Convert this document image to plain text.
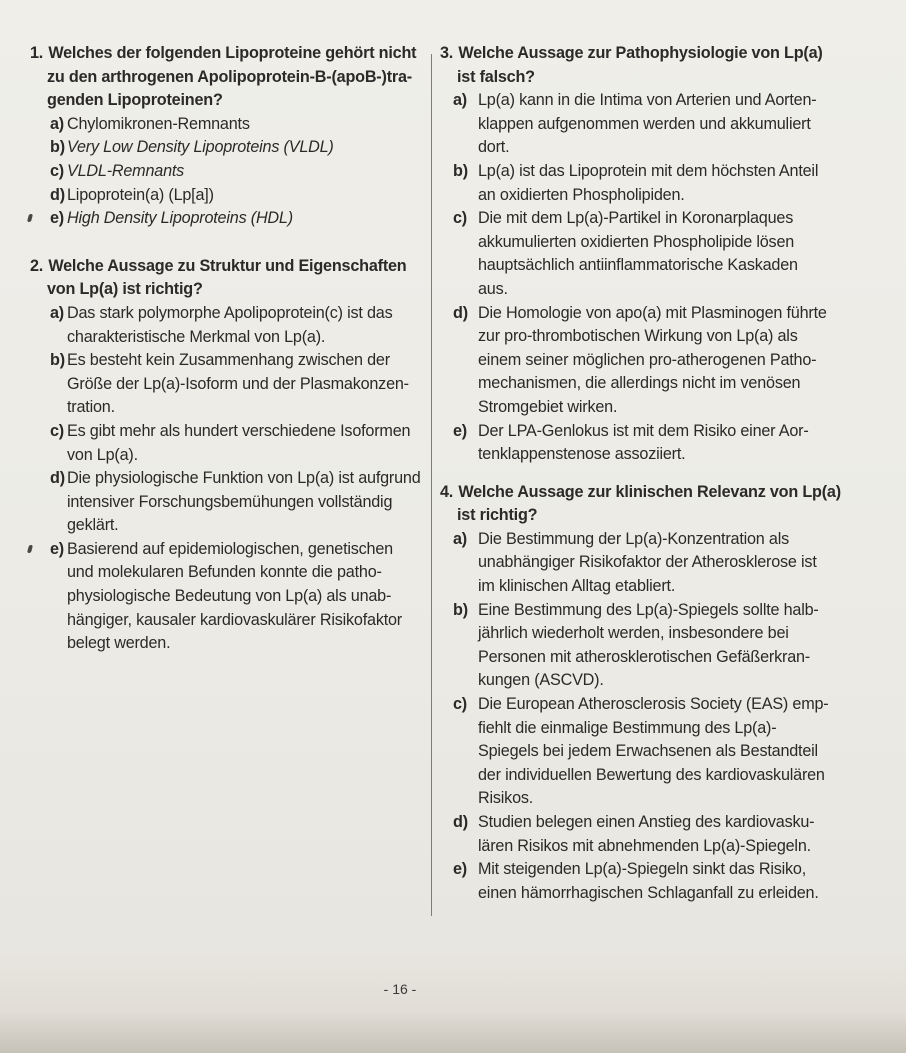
1. Welches der folgenden Lipoproteine gehört nicht

zu den arthrogenen Apolipoprotein-B-(apoB-)tra-

genden Lipoproteinen?

a) Chylomikronen-Remnants

b) Very Low Density Lipoproteins (VLDL)

c) VLDL-Remnants

d) Lipoprotein(a) (Lp[a])

e) High Density Lipoproteins (HDL)

2. Welche Aussage zu Struktur und Eigenschaften

von Lp(a) ist richtig?

a) Das stark polymorphe Apolipoprotein(c) ist das
charakteristische Merkmal von Lp(a).
b) Es besteht kein Zusammenhang zwischen der
Größe der Lp(a)-Isoform und der Plasmakonzen-
tration.
c) Es gibt mehr als hundert verschiedene Isoformen
von Lp(a).
d) Die physiologische Funktion von Lp(a) ist aufgrund
intensiver Forschungsbemühungen vollständig
geklärt.
e) Basierend auf epidemiologischen, genetischen
und molekularen Befunden konnte die patho-
physiologische Bedeutung von Lp(a) als unab-
hängiger, kausaler kardiovaskulärer Risikofaktor
belegt werden.

3. Welche Aussage zur Pathophysiologie von Lp(a)

ist falsch?

a) Lp(a) kann in die Intima von Arterien und Aorten-
klappen aufgenommen werden und akkumuliert
dort.
b) Lp(a) ist das Lipoprotein mit dem höchsten Anteil
an oxidierten Phospholipiden.
c) Die mit dem Lp(a)-Partikel in Koronarplaques
akkumulierten oxidierten Phospholipide lösen
hauptsächlich antiinflammatorische Kaskaden
aus.
d) Die Homologie von apo(a) mit Plasminogen führte
zur pro-thrombotischen Wirkung von Lp(a) als
einem seiner möglichen pro-atherogenen Patho-
mechanismen, die allerdings nicht im venösen
Stromgebiet wirken.
e) Der LPA-Genlokus ist mit dem Risiko einer Aor-
tenklappenstenose assoziiert.

4. Welche Aussage zur klinischen Relevanz von Lp(a)

ist richtig?

a) Die Bestimmung der Lp(a)-Konzentration als
unabhängiger Risikofaktor der Atherosklerose ist
im klinischen Alltag etabliert.
b) Eine Bestimmung des Lp(a)-Spiegels sollte halb-
jährlich wiederholt werden, insbesondere bei
Personen mit atherosklerotischen Gefäßerkran-
kungen (ASCVD).
c) Die European Atherosclerosis Society (EAS) emp-
fiehlt die einmalige Bestimmung des Lp(a)-
Spiegels bei jedem Erwachsenen als Bestandteil
der individuellen Bewertung des kardiovaskulären
Risikos.
d) Studien belegen einen Anstieg des kardiovasku-
lären Risikos mit abnehmenden Lp(a)-Spiegeln.
e) Mit steigenden Lp(a)-Spiegeln sinkt das Risiko,
einen hämorrhagischen Schlaganfall zu erleiden.
- 16 -
